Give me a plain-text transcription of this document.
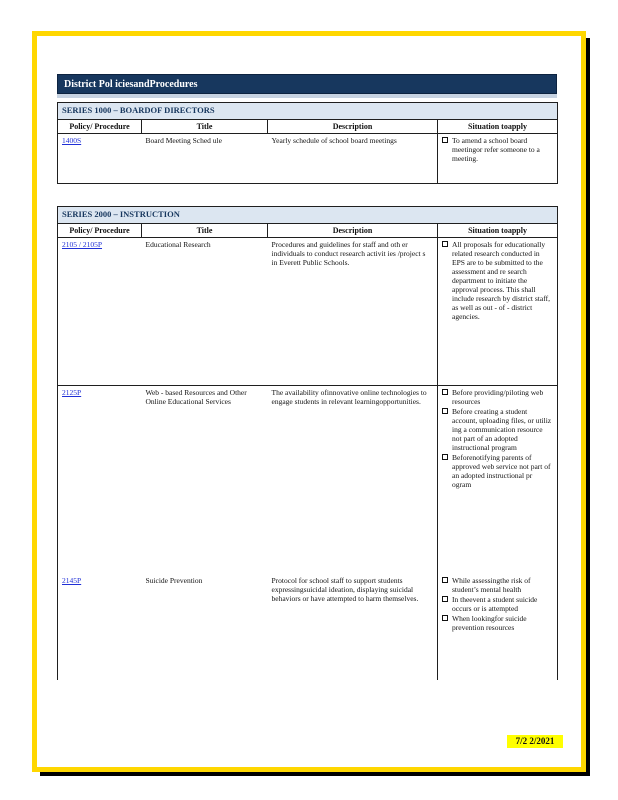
District Pol iciesandProcedures
SERIES 1000 – BOARDOF DIRECTORS			
Policy/ Procedure	Title	Description	Situation toapply
1400S	Board Meeting Sched ule	Yearly schedule of school board meetings	To amend a school board meetingor refer someone to a meeting.
SERIES 2000 – INSTRUCTION			
Policy/ Procedure	Title	Description	Situation toapply
2105 / 2105P	Educational Research	Procedures and guidelines for staff and oth er individuals to conduct research activit ies /project s in Everett Public Schools.	All proposals for educationally related research conducted in EPS are to be submitted to the assessment and re search department to initiate the approval process. This shall include research by district staff, as well as out - of - district agencies.

2125P	Web - based Resources and Other Online Educational Services	The availability ofinnovative online technologies to engage students in relevant learningopportunities.	Before providing/piloting web resources
Before creating a student account, uploading files, or utiliz ing a communication resource not part of an adopted instructional program
Beforenotifying parents of approved web service not part of an adopted instructional pr ogram

2145P	Suicide Prevention	Protocol for school staff to support students expressingsuicidal ideation, displaying suicidal behaviors or have attempted to harm themselves.	While assessingthe risk of student’s mental health
In theevent a student suicide occurs or is attempted
When lookingfor suicide prevention resources
7/2 2/2021
